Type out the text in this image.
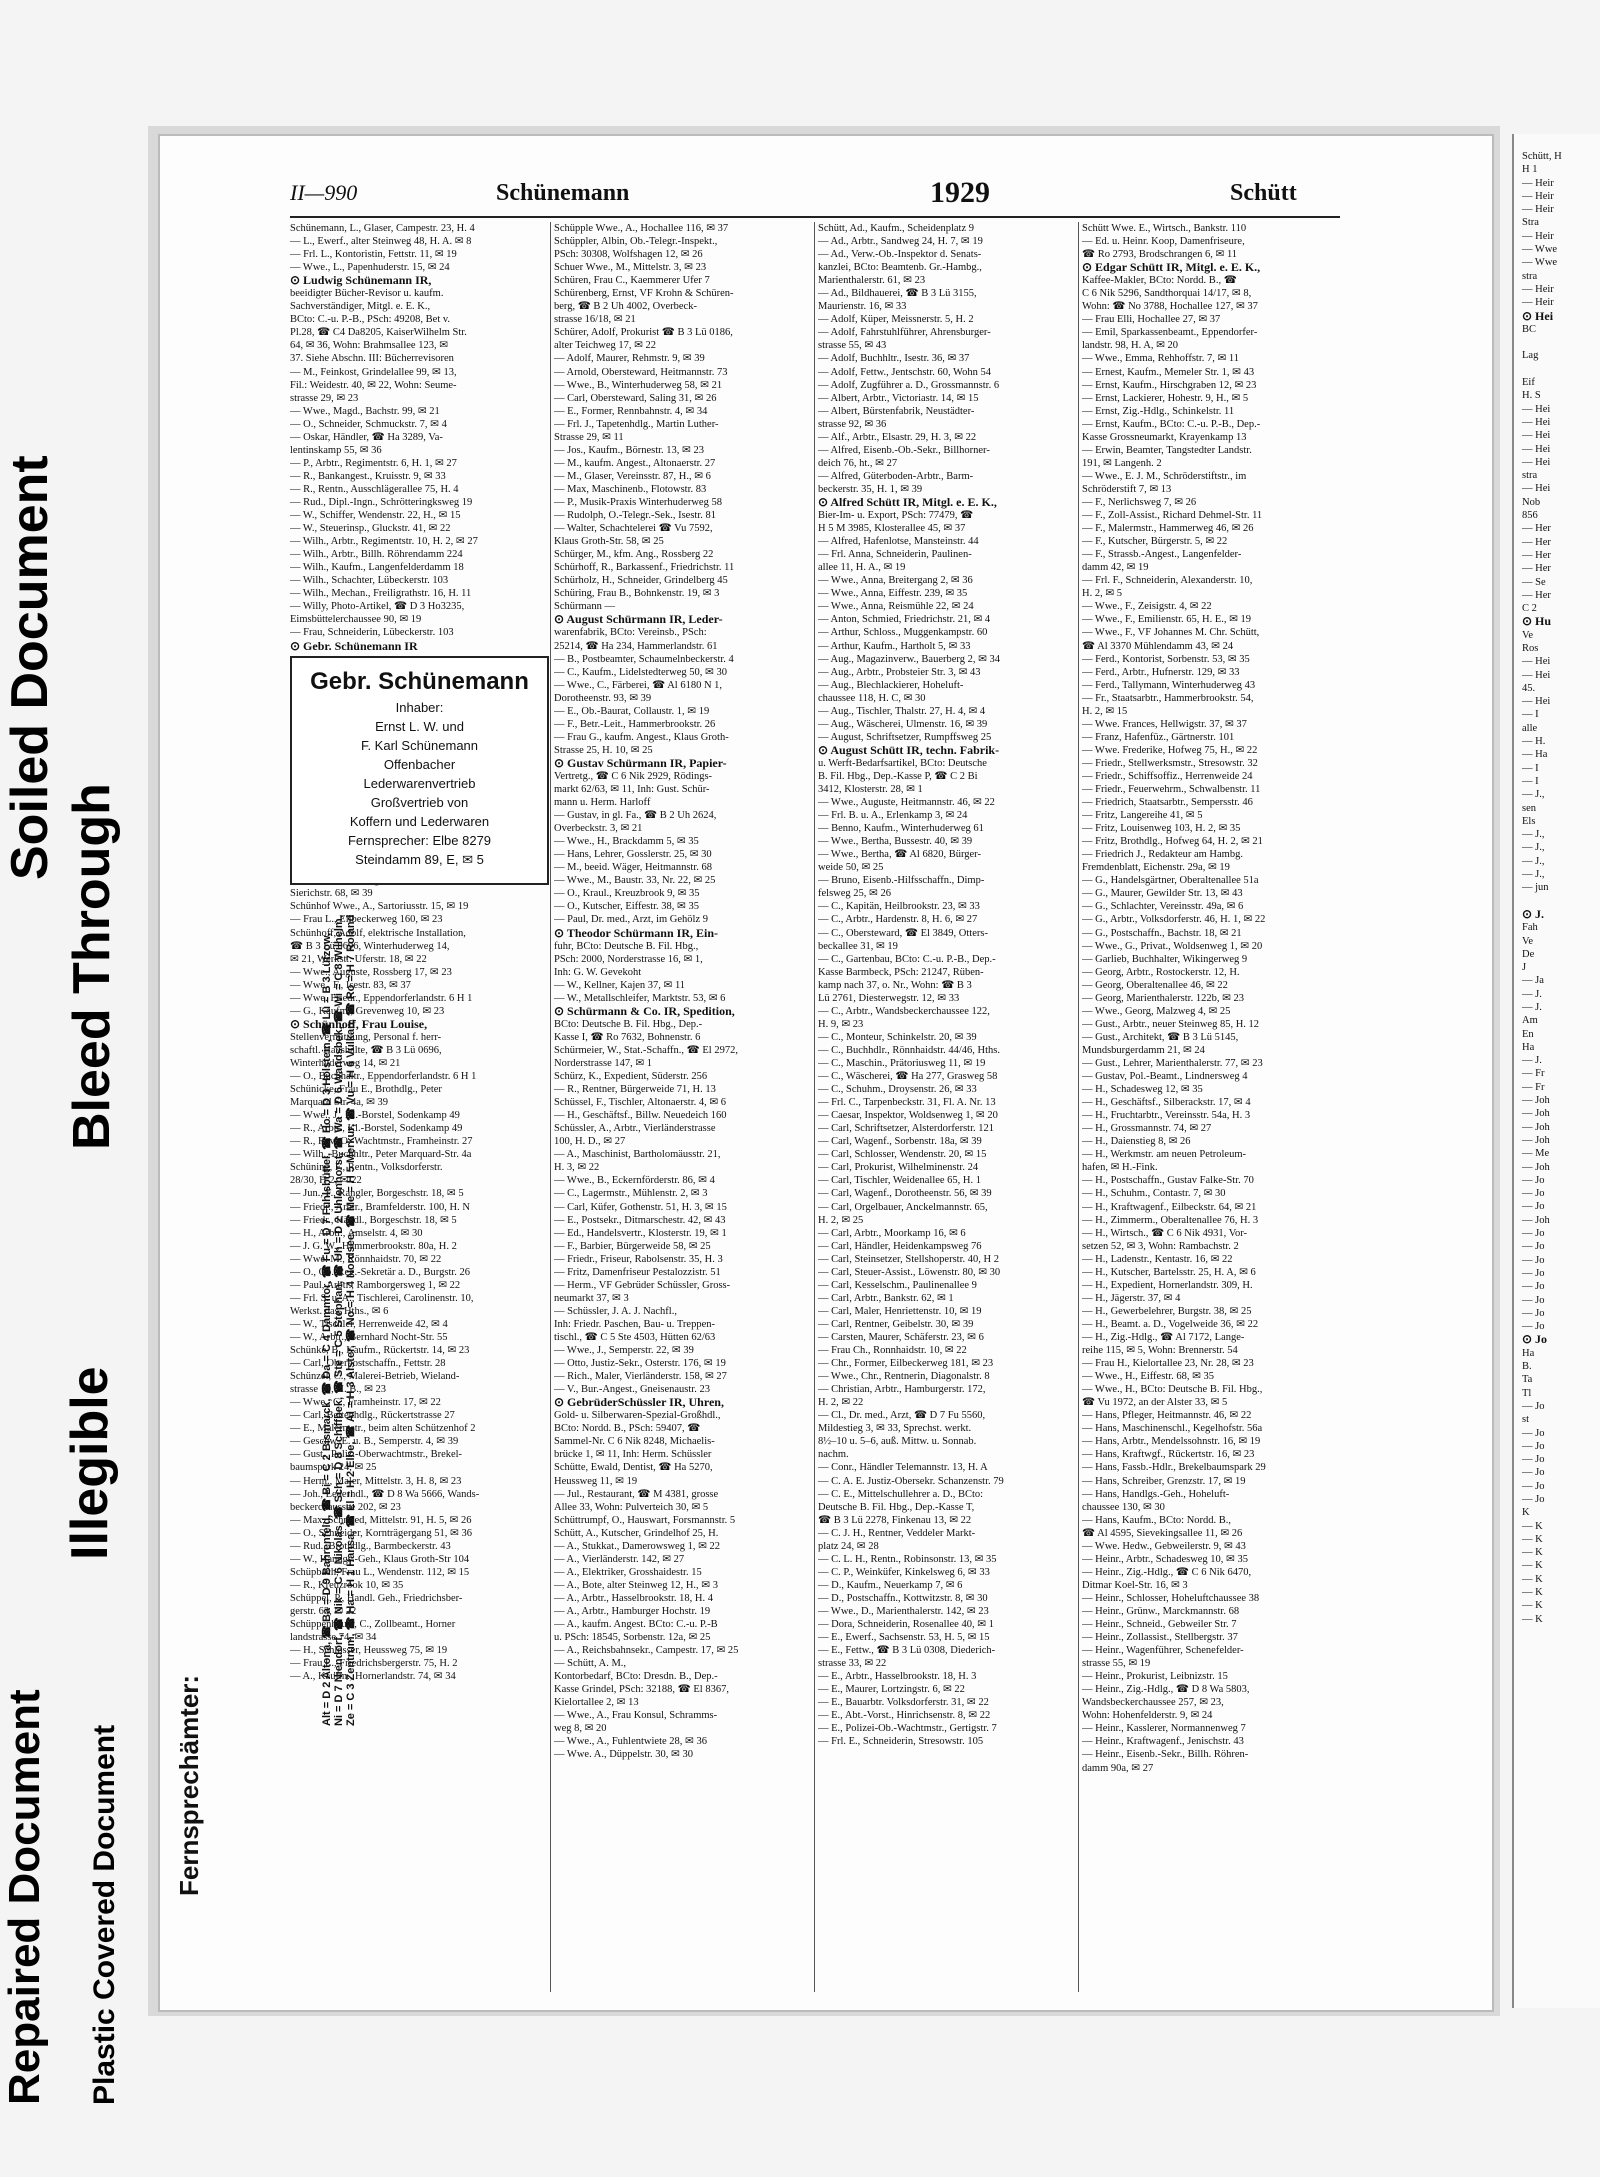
Soiled Document
Bleed Through
Illegible
Repaired Document Plastic Covered Document
II—990	Schünemann	1929	Schütt

Schünemann, L., Glaser, Campestr. 23, H. 4

— L., Ewerf., alter Steinweg 48, H. A. ✉ 8

— Frl. L., Kontoristin, Fettstr. 11, ✉ 19

— Wwe., L., Papenhuderstr. 15, ✉ 24

⊙ Ludwig Schünemann IR,

beeidigter Bücher-Revisor u. kaufm.

Sachverständiger, Mitgl. e. E. K.,

BCto: C.-u. P.-B., PSch: 49208, Bet v.

Pl.28, ☎ C4 Da8205, KaiserWilhelm Str.

64, ✉ 36, Wohn: Brahmsallee 123, ✉

37. Siehe Abschn. III: Bücherrevisoren

— M., Feinkost, Grindelallee 99, ✉ 13,

Fil.: Weidestr. 40, ✉ 22, Wohn: Seume-

strasse 29, ✉ 23

— Wwe., Magd., Bachstr. 99, ✉ 21

— O., Schneider, Schmuckstr. 7, ✉ 4

— Oskar, Händler, ☎ Ha 3289, Va-

lentinskamp 55, ✉ 36

— P., Arbtr., Regimentstr. 6, H. 1, ✉ 27

— R., Bankangest., Kruisstr. 9, ✉ 33

— R., Rentn., Ausschlägerallee 75, H. 4

— Rud., Dipl.-Ingn., Schrötteringksweg 19

— W., Schiffer, Wendenstr. 22, H., ✉ 15

— W., Steuerinsp., Gluckstr. 41, ✉ 22

— Wilh., Arbtr., Regimentstr. 10, H. 2, ✉ 27

— Wilh., Arbtr., Billh. Röhrendamm 224

— Wilh., Kaufm., Langenfelderdamm 18

— Wilh., Schachter, Lübeckerstr. 103

— Wilh., Mechan., Freiligrathstr. 16, H. 11

— Willy, Photo-Artikel, ☎ D 3 Ho3235,

Eimsbüttelerchaussee 90, ✉ 19

— Frau, Schneiderin, Lübeckerstr. 103

⊙ Gebr. Schünemann IR

Sierichstr. 68, ✉ 39

Schünhof Wwe., A., Sartoriusstr. 15, ✉ 19

— Frau L., Eilbeckerweg 160, ✉ 23

Schünhoff, Adolf, elektrische Installation,

☎ B 3 Lü 0696, Winterhuderweg 14,

✉ 21, Werkst.: Uferstr. 18, ✉ 22

— Wwe., Auguste, Rossberg 17, ✉ 23

— Wwe., F., Isestr. 83, ✉ 37

— Wwe. Friedr., Eppendorferlandstr. 6 H 1

— G., Kaufm., Grevenweg 10, ✉ 23

⊙ Schünhoff, Frau Louise,

Stellenvermittlung, Personal f. herr-

schaftl. Haushalte, ☎ B 3 Lü 0696,

Winterhuderweg 14, ✉ 21

— O., Buchhaltr., Eppendorferlandstr. 6 H 1

Schünicke, Frau E., Brothdlg., Peter

Marquard Str. 4a, ✉ 39

— Wwe., J., Kl.-Borstel, Sodenkamp 49

— R., Arbtr., Kl.-Borstel, Sodenkamp 49

— R., Rev.-O.-Wachtmstr., Framheinstr. 27

— Wilh., Buchhltr., Peter Marquard-Str. 4a

Schüning, F., Rentn., Volksdorferstr.

28/30, H 2, ✉ 22

— Jun., F., Rangler, Borgeschstr. 18, ✉ 5

— Friedr., Arbtr., Bramfelderstr. 100, H. N

— Friedr., Händl., Borgeschstr. 18, ✉ 5

— H., Arbtr., Amselstr. 4, ✉ 30

— J. G. W., Hammerbrookstr. 80a, H. 2

— Wwe. M., Rönnhaidstr. 70, ✉ 22

— O., Ob.-Reg.-Sekretär a. D., Burgstr. 26

— Paul, Arbtr., Ramborgersweg 1, ✉ 22

— Frl. S. u. A., Tischlerei, Carolinenstr. 10,

Werkst. das. Hths., ✉ 6

— W., Tischler, Herrenweide 42, ✉ 4

— W., Arbtr., Bernhard Nocht-Str. 55

Schünke, B., Kaufm., Rückertstr. 14, ✉ 23

— Carl, Oberpostschaffn., Fettstr. 28

Schünzel, C., Malerei-Betrieb, Wieland-

strasse 10, H. B., ✉ 23

— Wwe., C., Framheinstr. 17, ✉ 22

— Carl, Bettenhdlg., Rückertstrasse 27

— E., Malermstr., beim alten Schützenhof 2

— Geschw. E. u. B., Semperstr. 4, ✉ 39

— Gust., Poliz.-Oberwachtmstr., Brekel-

baumspark 24, ✉ 25

— Herm., Maler, Mittelstr. 3, H. 8, ✉ 23

— Joh., Lederhdl., ☎ D 8 Wa 5666, Wands-

beckerchaussee 202, ✉ 23

— Max, Schmied, Mittelstr. 91, H. 5, ✉ 26

— O., Schneider, Kornträgergang 51, ✉ 36

— Rud., Brothdlg., Barmbeckerstr. 43

— W., Handgs.-Geh., Klaus Groth-Str 104

Schüpbach, Frau L., Wendenstr. 112, ✉ 15

— R., Kreuzrook 10, ✉ 35

Schüppel, P., Handl. Geh., Friedrichsber-

gerstr. 63, ✉ 22

Schüppenhauer, C., Zollbeamt., Horner

landstrasse 74, ✉ 34

— H., Schlosser, Heussweg 75, ✉ 19

— Frau L., Friedrichsbergerstr. 75, H. 2

— A., Kaufm., Hornerlandstr. 74, ✉ 34

Schüpple Wwe., A., Hochallee 116, ✉ 37

Schüppler, Albin, Ob.-Telegr.-Inspekt.,

PSch: 30308, Wolfshagen 12, ✉ 26

Schuer Wwe., M., Mittelstr. 3, ✉ 23

Schüren, Frau C., Kaemmerer Ufer 7

Schürenberg, Ernst, VF Krohn & Schüren-

berg, ☎ B 2 Uh 4002, Overbeck-

strasse 16/18, ✉ 21

Schürer, Adolf, Prokurist ☎ B 3 Lü 0186,

alter Teichweg 17, ✉ 22

— Adolf, Maurer, Rehmstr. 9, ✉ 39

— Arnold, Obersteward, Heitmannstr. 73

— Wwe., B., Winterhuderweg 58, ✉ 21

— Carl, Obersteward, Saling 31, ✉ 26

— E., Former, Rennbahnstr. 4, ✉ 34

— Frl. J., Tapetenhdlg., Martin Luther-

Strasse 29, ✉ 11

— Jos., Kaufm., Börnestr. 13, ✉ 23

— M., kaufm. Angest., Altonaerstr. 27

— M., Glaser, Vereinsstr. 87, H., ✉ 6

— Max, Maschinenb., Flotowstr. 83

— P., Musik-Praxis Winterhuderweg 58

— Rudolph, O.-Telegr.-Sek., Isestr. 81

— Walter, Schachtelerei ☎ Vu 7592,

Klaus Groth-Str. 58, ✉ 25

Schürger, M., kfm. Ang., Rossberg 22

Schürhoff, R., Barkassenf., Friedrichstr. 11

Schürholz, H., Schneider, Grindelberg 45

Schüring, Frau B., Bohnkenstr. 19, ✉ 3

Schürmann —

⊙ August Schürmann IR, Leder-

warenfabrik, BCto: Vereinsb., PSch:

25214, ☎ Ha 234, Hammerlandstr. 61

— B., Postbeamter, Schaumelnbeckerstr. 4

— C., Kaufm., Lidelstedterweg 50, ✉ 30

— Wwe., C., Färberei, ☎ Al 6180 N 1,

Dorotheenstr. 93, ✉ 39

— E., Ob.-Baurat, Collaustr. 1, ✉ 19

— F., Betr.-Leit., Hammerbrookstr. 26

— Frau G., kaufm. Angest., Klaus Groth-

Strasse 25, H. 10, ✉ 25

⊙ Gustav Schürmann IR, Papier-

Vertretg., ☎ C 6 Nik 2929, Rödings-

markt 62/63, ✉ 11, Inh: Gust. Schür-

mann u. Herm. Harloff

— Gustav, in gl. Fa., ☎ B 2 Uh 2624,

Overbeckstr. 3, ✉ 21

— Wwe., H., Brackdamm 5, ✉ 35

— Hans, Lehrer, Gosslerstr. 25, ✉ 30

— M., beeid. Wäger, Heitmannstr. 68

— Wwe., M., Baustr. 33, Nr. 22, ✉ 25

— O., Kraul., Kreuzbrook 9, ✉ 35

— O., Kutscher, Eiffestr. 38, ✉ 35

— Paul, Dr. med., Arzt, im Gehölz 9

⊙ Theodor Schürmann IR, Ein-

fuhr, BCto: Deutsche B. Fil. Hbg.,

PSch: 2000, Norderstrasse 16, ✉ 1,

Inh: G. W. Gevekoht

— W., Kellner, Kajen 37, ✉ 11

— W., Metallschleifer, Marktstr. 53, ✉ 6

⊙ Schürmann & Co. IR, Spedition,

BCto: Deutsche B. Fil. Hbg., Dep.-

Kasse I, ☎ Ro 7632, Bohnenstr. 6

Schürmeier, W., Stat.-Schaffn., ☎ El 2972,

Norderstrasse 147, ✉ 1

Schürz, K., Expedient, Süderstr. 256

— R., Rentner, Bürgerweide 71, H. 13

Schüssel, F., Tischler, Altonaerstr. 4, ✉ 6

— H., Geschäftsf., Billw. Neuedeich 160

Schüssler, A., Arbtr., Vierländerstrasse

100, H. D., ✉ 27

— A., Maschinist, Bartholomäusstr. 21,

H. 3, ✉ 22

— Wwe., B., Eckernförderstr. 86, ✉ 4

— C., Lagermstr., Mühlenstr. 2, ✉ 3

— Carl, Küfer, Gothenstr. 51, H. 3, ✉ 15

— E., Postsekr., Ditmarschestr. 42, ✉ 43

— Ed., Handelsvertr., Klosterstr. 19, ✉ 1

— F., Barbier, Bürgerweide 58, ✉ 25

— Friedr., Friseur, Rabolsenstr. 35, H. 3

— Fritz, Damenfriseur Pestalozzistr. 51

— Herm., VF Gebrüder Schüssler, Gross-

neumarkt 37, ✉ 3

— Schüssler, J. A. J. Nachfl.,

Inh: Friedr. Paschen, Bau- u. Treppen-

tischl., ☎ C 5 Ste 4503, Hütten 62/63

— Wwe., J., Semperstr. 22, ✉ 39

— Otto, Justiz-Sekr., Osterstr. 176, ✉ 19

— Rich., Maler, Vierländerstr. 158, ✉ 27

— V., Bur.-Angest., Gneisenaustr. 23

⊙ GebrüderSchüssler IR, Uhren,

Gold- u. Silberwaren-Spezial-Großhdl.,

BCto: Nordd. B., PSch: 59407, ☎

Sammel-Nr. C 6 Nik 8248, Michaelis-

brücke 1, ✉ 11, Inh: Herm. Schüssler

Schütte, Ewald, Dentist, ☎ Ha 5270,

Heussweg 11, ✉ 19

— Jul., Restaurant, ☎ M 4381, grosse

Allee 33, Wohn: Pulverteich 30, ✉ 5

Schüttrumpf, O., Hauswart, Forsmannstr. 5

Schütt, A., Kutscher, Grindelhof 25, H.

— A., Stukkat., Damerowsweg 1, ✉ 22

— A., Vierländerstr. 142, ✉ 27

— A., Elektriker, Grosshaidestr. 15

— A., Bote, alter Steinweg 12, H., ✉ 3

— A., Arbtr., Hasselbrookstr. 18, H. 4

— A., Arbtr., Hamburger Hochstr. 19

— A., kaufm. Angest. BCto: C.-u. P.-B

u. PSch: 18545, Sorbenstr. 12a, ✉ 25

— A., Reichsbahnsekr., Campestr. 17, ✉ 25

— Schütt, A. M.,

Kontorbedarf, BCto: Dresdn. B., Dep.-

Kasse Grindel, PSch: 32188, ☎ El 8367,

Kielortallee 2, ✉ 13

— Wwe., A., Frau Konsul, Schramms-

weg 8, ✉ 20

— Wwe., A., Fuhlentwiete 28, ✉ 36

— Wwe. A., Düppelstr. 30, ✉ 30

Schütt, Ad., Kaufm., Scheidenplatz 9

— Ad., Arbtr., Sandweg 24, H. 7, ✉ 19

— Ad., Verw.-Ob.-Inspektor d. Senats-

kanzlei, BCto: Beamtenb. Gr.-Hambg.,

Marienthalerstr. 61, ✉ 23

— Ad., Bildhauerei, ☎ B 3 Lü 3155,

Maurienstr. 16, ✉ 33

— Adolf, Küper, Meissnerstr. 5, H. 2

— Adolf, Fahrstuhlführer, Ahrensburger-

strasse 55, ✉ 43

— Adolf, Buchhltr., Isestr. 36, ✉ 37

— Adolf, Fettw., Jentschstr. 60, Wohn 54

— Adolf, Zugführer a. D., Grossmannstr. 6

— Albert, Arbtr., Victoriastr. 14, ✉ 15

— Albert, Bürstenfabrik, Neustädter-

strasse 92, ✉ 36

— Alf., Arbtr., Elsastr. 29, H. 3, ✉ 22

— Alfred, Eisenb.-Ob.-Sekr., Billhorner-

deich 76, ht., ✉ 27

— Alfred, Güterboden-Arbtr., Barm-

beckerstr. 35, H. 1, ✉ 39

⊙ Alfred Schütt IR, Mitgl. e. E. K.,

Bier-Im- u. Export, PSch: 77479, ☎

H 5 M 3985, Klosterallee 45, ✉ 37

— Alfred, Hafenlotse, Mansteinstr. 44

— Frl. Anna, Schneiderin, Paulinen-

allee 11, H. A., ✉ 19

— Wwe., Anna, Breitergang 2, ✉ 36

— Wwe., Anna, Eiffestr. 239, ✉ 35

— Wwe., Anna, Reismühle 22, ✉ 24

— Anton, Schmied, Friedrichstr. 21, ✉ 4

— Arthur, Schloss., Muggenkampstr. 60

— Arthur, Kaufm., Hartholt 5, ✉ 33

— Aug., Magazinverw., Bauerberg 2, ✉ 34

— Aug., Arbtr., Probsteier Str. 3, ✉ 43

— Aug., Blechlackierer, Hoheluft-

chaussee 118, H. C, ✉ 30

— Aug., Tischler, Thalstr. 27, H. 4, ✉ 4

— Aug., Wäscherei, Ulmenstr. 16, ✉ 39

— August, Schriftsetzer, Rumpffsweg 25

⊙ August Schütt IR, techn. Fabrik-

u. Werft-Bedarfsartikel, BCto: Deutsche

B. Fil. Hbg., Dep.-Kasse P, ☎ C 2 Bi

3412, Klosterstr. 28, ✉ 1

— Wwe., Auguste, Heitmannstr. 46, ✉ 22

— Frl. B. u. A., Erlenkamp 3, ✉ 24

— Benno, Kaufm., Winterhuderweg 61

— Wwe., Bertha, Bussestr. 40, ✉ 39

— Wwe., Bertha, ☎ Al 6820, Bürger-

weide 50, ✉ 25

— Bruno, Eisenb.-Hilfsschaffn., Dimp-

felsweg 25, ✉ 26

— C., Kapitän, Heilbrookstr. 23, ✉ 33

— C., Arbtr., Hardenstr. 8, H. 6, ✉ 27

— C., Obersteward, ☎ El 3849, Otters-

beckallee 31, ✉ 19

— C., Gartenbau, BCto: C.-u. P.-B., Dep.-

Kasse Barmbeck, PSch: 21247, Rüben-

kamp nach 37, o. Nr., Wohn: ☎ B 3

Lü 2761, Diesterwegstr. 12, ✉ 33

— C., Arbtr., Wandsbeckerchaussee 122,

H. 9, ✉ 23

— C., Monteur, Schinkelstr. 20, ✉ 39

— C., Buchhdlr., Rönnhaidstr. 44/46, Hths.

— C., Maschin., Prätoriusweg 11, ✉ 19

— C., Wäscherei, ☎ Ha 277, Grasweg 58

— C., Schuhm., Droysenstr. 26, ✉ 33

— Frl. C., Tarpenbeckstr. 31, Fl. A. Nr. 13

— Caesar, Inspektor, Woldsenweg 1, ✉ 20

— Carl, Schriftsetzer, Alsterdorferstr. 121

— Carl, Wagenf., Sorbenstr. 18a, ✉ 39

— Carl, Schlosser, Wendenstr. 20, ✉ 15

— Carl, Prokurist, Wilhelminenstr. 24

— Carl, Tischler, Weidenallee 65, H. 1

— Carl, Wagenf., Dorotheenstr. 56, ✉ 39

— Carl, Orgelbauer, Anckelmannstr. 65,

H. 2, ✉ 25

— Carl, Arbtr., Moorkamp 16, ✉ 6

— Carl, Händler, Heidenkampsweg 76

— Carl, Steinsetzer, Stellshoperstr. 40, H 2

— Carl, Steuer-Assist., Löwenstr. 80, ✉ 30

— Carl, Kesselschm., Paulinenallee 9

— Carl, Arbtr., Bankstr. 62, ✉ 1

— Carl, Maler, Henriettenstr. 10, ✉ 19

— Carl, Rentner, Geibelstr. 30, ✉ 39

— Carsten, Maurer, Schäferstr. 23, ✉ 6

— Frau Ch., Ronnhaidstr. 10, ✉ 22

— Chr., Former, Eilbeckerweg 181, ✉ 23

— Wwe., Chr., Rentnerin, Diagonalstr. 8

— Christian, Arbtr., Hamburgerstr. 172,

H. 2, ✉ 22

— Cl., Dr. med., Arzt, ☎ D 7 Fu 5560,

Mildestieg 3, ✉ 33, Sprechst. werkt.

8½–10 u. 5–6, auß. Mittw. u. Sonnab.

nachm.

— Conr., Händler Telemannstr. 13, H. A

— C. A. E. Justiz-Obersekr. Schanzenstr. 79

— C. E., Mittelschullehrer a. D., BCto:

Deutsche B. Fil. Hbg., Dep.-Kasse T,

☎ B 3 Lü 2278, Finkenau 13, ✉ 22

— C. J. H., Rentner, Veddeler Markt-

platz 24, ✉ 28

— C. L. H., Rentn., Robinsonstr. 13, ✉ 35

— C. P., Weinküfer, Kinkelsweg 6, ✉ 33

— D., Kaufm., Neuerkamp 7, ✉ 6

— D., Postschaffn., Kottwitzstr. 8, ✉ 30

— Wwe., D., Marienthalerstr. 142, ✉ 23

— Dora, Schneiderin, Rosenallee 40, ✉ 1

— E., Ewerf., Sachsenstr. 53, H. 5, ✉ 15

— E., Fettw., ☎ B 3 Lü 0308, Diederich-

strasse 33, ✉ 22

— E., Arbtr., Hasselbrookstr. 18, H. 3

— E., Maurer, Lortzingstr. 6, ✉ 22

— E., Bauarbtr. Volksdorferstr. 31, ✉ 22

— E., Abt.-Vorst., Hinrichsenstr. 8, ✉ 22

— E., Polizei-Ob.-Wachtmstr., Gertigstr. 7

— Frl. E., Schneiderin, Stresowstr. 105

Schütt Wwe. E., Wirtsch., Bankstr. 110

— Ed. u. Heinr. Koop, Damenfriseure,

☎ Ro 2793, Brodschrangen 6, ✉ 11

⊙ Edgar Schütt IR, Mitgl. e. E. K.,

Kaffee-Makler, BCto: Nordd. B., ☎

C 6 Nik 5296, Sandthorquai 14/17, ✉ 8,

Wohn: ☎ No 3788, Hochallee 127, ✉ 37

— Frau Elli, Hochallee 27, ✉ 37

— Emil, Sparkassenbeamt., Eppendorfer-

landstr. 98, H. A, ✉ 20

— Wwe., Emma, Rehhoffstr. 7, ✉ 11

— Ernest, Kaufm., Memeler Str. 1, ✉ 43

— Ernst, Kaufm., Hirschgraben 12, ✉ 23

— Ernst, Lackierer, Hohestr. 9, H., ✉ 5

— Ernst, Zig.-Hdlg., Schinkelstr. 11

— Ernst, Kaufm., BCto: C.-u. P.-B., Dep.-

Kasse Grossneumarkt, Krayenkamp 13

— Erwin, Beamter, Tangstedter Landstr.

191, ✉ Langenh. 2

— Wwe., E. J. M., Schröderstiftstr., im

Schröderstift 7, ✉ 13

— F., Nerlichsweg 7, ✉ 26

— F., Zoll-Assist., Richard Dehmel-Str. 11

— F., Malermstr., Hammerweg 46, ✉ 26

— F., Kutscher, Bürgerstr. 5, ✉ 22

— F., Strassb.-Angest., Langenfelder-

damm 42, ✉ 19

— Frl. F., Schneiderin, Alexanderstr. 10,

H. 2, ✉ 5

— Wwe., F., Zeisigstr. 4, ✉ 22

— Wwe., F., Emilienstr. 65, H. E., ✉ 19

— Wwe., F., VF Johannes M. Chr. Schütt,

☎ Al 3370 Mühlendamm 43, ✉ 24

— Ferd., Kontorist, Sorbenstr. 53, ✉ 35

— Ferd., Arbtr., Hufnerstr. 129, ✉ 33

— Ferd., Tallymann, Winterhuderweg 43

— Fr., Staatsarbtr., Hammerbrookstr. 54,

H. 2, ✉ 15

— Wwe. Frances, Hellwigstr. 37, ✉ 37

— Franz, Hafenfüz., Gärtnerstr. 101

— Wwe. Frederike, Hofweg 75, H., ✉ 22

— Friedr., Stellwerksmstr., Stresowstr. 32

— Friedr., Schiffsoffiz., Herrenweide 24

— Friedr., Feuerwehrm., Schwalbenstr. 11

— Friedrich, Staatsarbtr., Sempersstr. 46

— Fritz, Langereihe 41, ✉ 5

— Fritz, Louisenweg 103, H. 2, ✉ 35

— Fritz, Brothdlg., Hofweg 64, H. 2, ✉ 21

— Friedrich J., Redakteur am Hambg.

Fremdenblatt, Eichenstr. 29a, ✉ 19

— G., Handelsgärtner, Oberaltenallee 51a

— G., Maurer, Gewilder Str. 13, ✉ 43

— G., Schlachter, Vereinsstr. 49a, ✉ 6

— G., Arbtr., Volksdorferstr. 46, H. 1, ✉ 22

— G., Postschaffn., Bachstr. 18, ✉ 21

— Wwe., G., Privat., Woldsenweg 1, ✉ 20

— Garlieb, Buchhalter, Wikingerweg 9

— Georg, Arbtr., Rostockerstr. 12, H.

— Georg, Oberaltenallee 46, ✉ 22

— Georg, Marienthalerstr. 122b, ✉ 23

— Wwe., Georg, Malzweg 4, ✉ 25

— Gust., Arbtr., neuer Steinweg 85, H. 12

— Gust., Architekt, ☎ B 3 Lü 5145,

Mundsburgerdamm 21, ✉ 24

— Gust., Lehrer, Marienthalerstr. 77, ✉ 23

— Gustav, Pol.-Beamt., Lindnersweg 4

— H., Schadesweg 12, ✉ 35

— H., Geschäftsf., Silberackstr. 17, ✉ 4

— H., Fruchtarbtr., Vereinsstr. 54a, H. 3

— H., Grossmannstr. 74, ✉ 27

— H., Daienstieg 8, ✉ 26

— H., Werkmstr. am neuen Petroleum-

hafen, ✉ H.-Fink.

— H., Postschaffn., Gustav Falke-Str. 70

— H., Schuhm., Contastr. 7, ✉ 30

— H., Kraftwagenf., Eilbeckstr. 64, ✉ 21

— H., Zimmerm., Oberaltenallee 76, H. 3

— H., Wirtsch., ☎ C 6 Nik 4931, Vor-

setzen 52, ✉ 3, Wohn: Rambachstr. 2

— H., Ladenstr., Kentastr. 16, ✉ 22

— H., Kutscher, Bartelsstr. 25, H. A, ✉ 6

— H., Expedient, Hornerlandstr. 309, H.

— H., Jägerstr. 37, ✉ 4

— H., Gewerbelehrer, Burgstr. 38, ✉ 25

— H., Beamt. a. D., Vogelweide 36, ✉ 22

— H., Zig.-Hdlg., ☎ Al 7172, Lange-

reihe 115, ✉ 5, Wohn: Brennerstr. 54

— Frau H., Kielortallee 23, Nr. 28, ✉ 23

— Wwe., H., Eiffestr. 68, ✉ 35

— Wwe., H., BCto: Deutsche B. Fil. Hbg.,

☎ Vu 1972, an der Alster 33, ✉ 5

— Hans, Pfleger, Heitmannstr. 46, ✉ 22

— Hans, Maschinenschl., Kegelhofstr. 56a

— Hans, Arbtr., Mendelssohnstr. 16, ✉ 19

— Hans, Kraftwgf., Rückertstr. 16, ✉ 23

— Hans, Fassb.-Hdlr., Brekelbaumspark 29

— Hans, Schreiber, Grenzstr. 17, ✉ 19

— Hans, Handlgs.-Geh., Hoheluft-

chaussee 130, ✉ 30

— Hans, Kaufm., BCto: Nordd. B.,

☎ Al 4595, Sievekingsallee 11, ✉ 26

— Wwe. Hedw., Gebweilerstr. 9, ✉ 43

— Heinr., Arbtr., Schadesweg 10, ✉ 35

— Heinr., Zig.-Hdlg., ☎ C 6 Nik 6470,

Ditmar Koel-Str. 16, ✉ 3

— Heinr., Schlosser, Hoheluftchaussee 38

— Heinr., Grünw., Marckmannstr. 68

— Heinr., Schneid., Gebweiler Str. 7

— Heinr., Zollassist., Stellbergstr. 37

— Heinr., Wagenführer, Schenefelder-

strasse 55, ✉ 19

— Heinr., Prokurist, Leibnizstr. 15

— Heinr., Zig.-Hdlg., ☎ D 8 Wa 5803,

Wandsbeckerchaussee 257, ✉ 23,

Wohn: Hohenfelderstr. 9, ✉ 24

— Heinr., Kasslerer, Normannenweg 7

— Heinr., Kraftwagenf., Jenischstr. 43

— Heinr., Eisenb.-Sekr., Billh. Röhren-

damm 90a, ✉ 27

Gebr. Schünemann
Inhaber:
Ernst L. W. und
F. Karl Schünemann
Offenbacher
Lederwarenvertrieb
Großvertrieb von
Koffern und Lederwaren
Fernsprecher: Elbe 8279
Steindamm 89, E, ✉ 5
Alt = D 2 Altona, ☎ Ba = D 9 Bahrenfeld, ☎ Bi = C 2 Bismarck, ☎ Da = C 4 Dammtor, ☎ Fu = D 7 Fuhlsbüttel, ☎ Ho = D 3 Holstein, ☎ Lü = B 3 Lützow, Ni = D 7 Niendorf, ☎ Nik = C 6 Nikolas, ☎ Sch = D 8 Schiffbek, ☎ Ste = C 5 Stephan, ☎ Uh = D 2 Uhlenhorst, ☎ Wa = D 6 Wandsbek, ☎ Wi = C 8 Wilhelm, Ze = C 3 Zentrum, ☎ Ha = H 1 Hansa, ☎ El = H 2 Elbe, ☎ Al = H 3 Alster, ☎ No = H 4 Nordsee, ☎ Me = H 5 Merkur, ☎ Vu = H 6 Vulkan, ☎ Ro = H 7 Roland
Fernsprechämter:

Schütt, H

H 1

— Heir

— Heir

— Heir

Stra

— Heir

— Wwe

— Wwe

stra

— Heir

— Heir

⊙ Hei

BC

Lag

Eif

H. S

— Hei

— Hei

— Hei

— Hei

— Hei

stra

— Hei

Nob

856

— Her

— Her

— Her

— Her

— Se

— Her

C 2

⊙ Hu

Ve

Ros

— Hei

— Hei

45.

— Hei

— I

alle

— H.

— Ha

— I

— I

— J.,

sen

Els

— J.,

— J.,

— J.,

— J.,

— jun

⊙ J.

Fah

Ve

De

J

— Ja

— J.

— J.

Am

En

Ha

— J.

— Fr

— Fr

— Joh

— Joh

— Joh

— Joh

— Me

— Joh

— Jo

— Jo

— Jo

— Joh

— Jo

— Jo

— Jo

— Jo

— Jo

— Jo

— Jo

— Jo

⊙ Jo

Ha

B.

Ta

Tl

— Jo

st

— Jo

— Jo

— Jo

— Jo

— Jo

— Jo

K

— K

— K

— K

— K

— K

— K

— K

— K
